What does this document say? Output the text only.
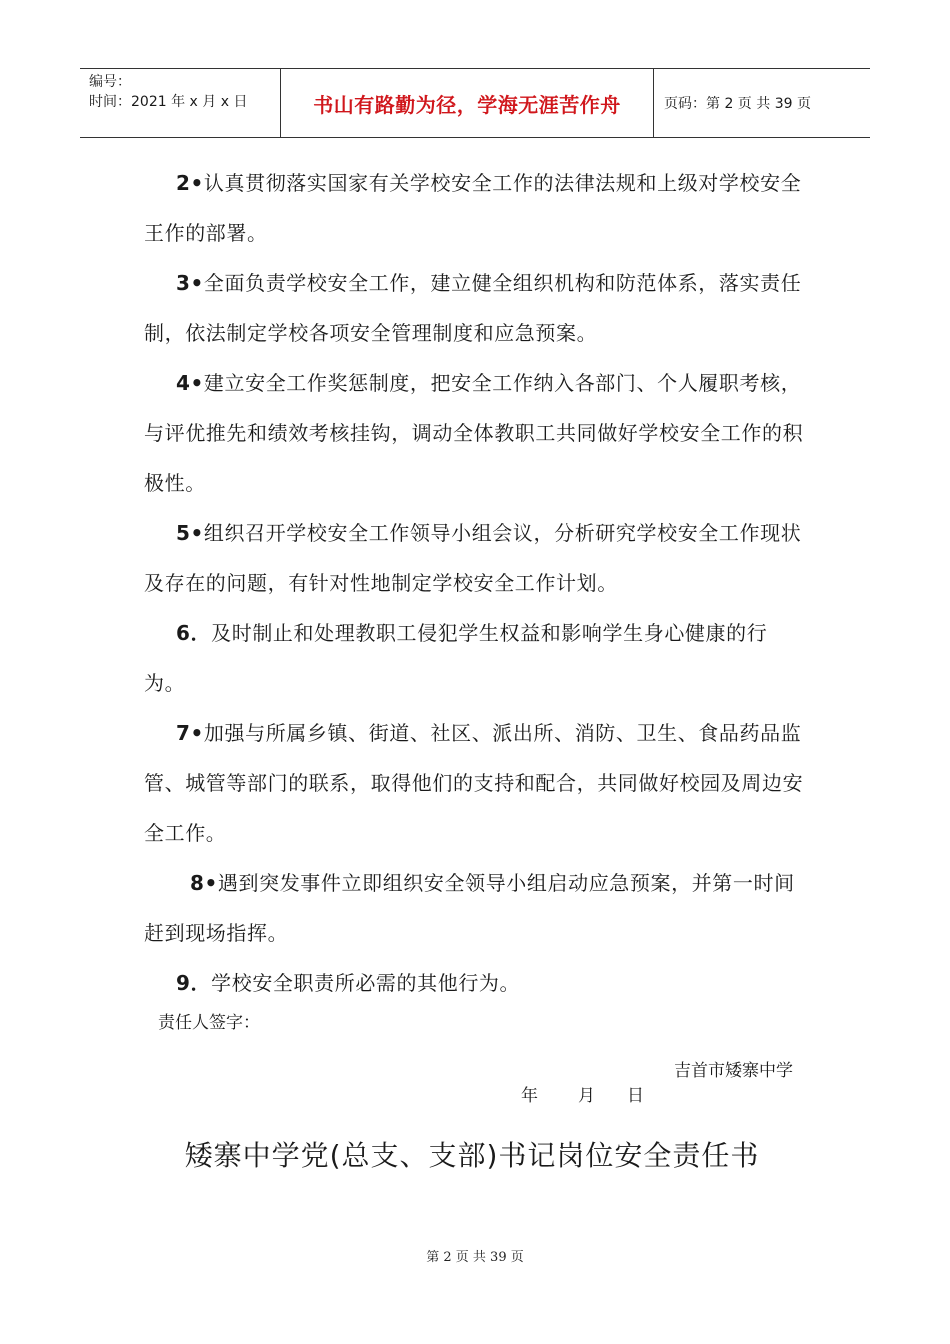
编号：
时间：2021 年 x 月 x 日	书山有路勤为径，学海无涯苦作舟	页码：第 2 页 共 39 页
2•认真贯彻落实国家有关学校安全工作的法律法规和上级对学校安全王作的部署。
3•全面负责学校安全工作，建立健全组织机构和防范体系，落实责任制，依法制定学校各项安全管理制度和应急预案。
4•建立安全工作奖惩制度，把安全工作纳入各部门、个人履职考核，与评优推先和绩效考核挂钩，调动全体教职工共同做好学校安全工作的积极性。
5•组织召开学校安全工作领导小组会议，分析研究学校安全工作现状及存在的问题，有针对性地制定学校安全工作计划。
6．及时制止和处理教职工侵犯学生权益和影响学生身心健康的行为。
7•加强与所属乡镇、街道、社区、派出所、消防、卫生、食品药品监管、城管等部门的联系，取得他们的支持和配合，共同做好校园及周边安全工作。
8•遇到突发事件立即组织安全领导小组启动应急预案，并第一时间赶到现场指挥。
9．学校安全职责所必需的其他行为。
责任人签字：
吉首市矮寨中学
年 月 日
矮寨中学党(总支、支部)书记岗位安全责任书
第 2 页 共 39 页
